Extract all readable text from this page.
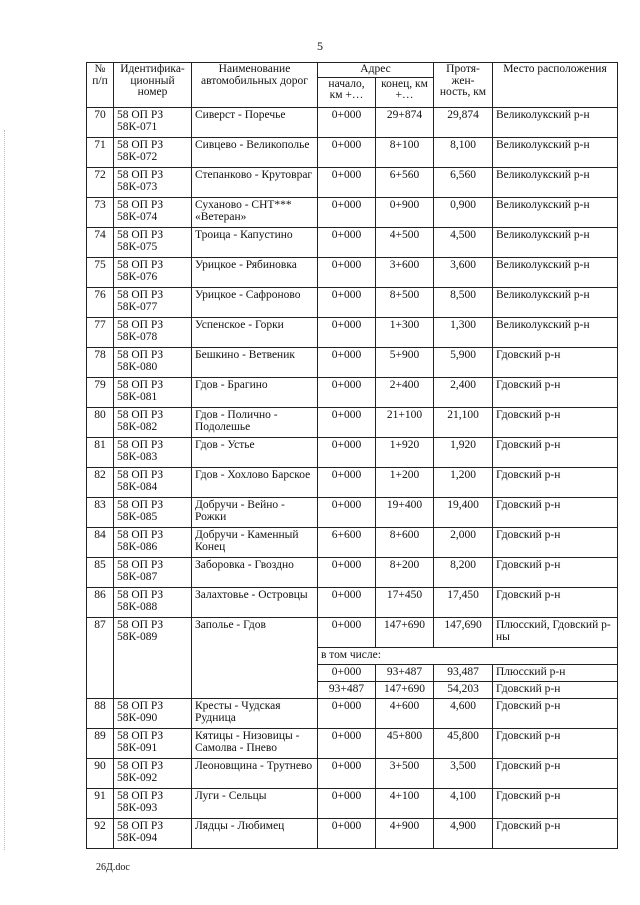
5
№ п/п	Идентифика-ционный номер	Наименование автомобильных дорог	Адрес		Протя-жен-ность, км	Место расположения
			начало, км +…	конец, км +…		
70	58 ОП РЗ 58К-071	Сиверст - Поречье	0+000	29+874	29,874	Великолукский р-н
71	58 ОП РЗ 58К-072	Сивцево - Великополье	0+000	8+100	8,100	Великолукский р-н
72	58 ОП РЗ 58К-073	Степанково - Крутовраг	0+000	6+560	6,560	Великолукский р-н
73	58 ОП РЗ 58К-074	Суханово - СНТ*** «Ветеран»	0+000	0+900	0,900	Великолукский р-н
74	58 ОП РЗ 58К-075	Троица - Капустино	0+000	4+500	4,500	Великолукский р-н
75	58 ОП РЗ 58К-076	Урицкое - Рябиновка	0+000	3+600	3,600	Великолукский р-н
76	58 ОП РЗ 58К-077	Урицкое - Сафроново	0+000	8+500	8,500	Великолукский р-н
77	58 ОП РЗ 58К-078	Успенское - Горки	0+000	1+300	1,300	Великолукский р-н
78	58 ОП РЗ 58К-080	Бешкино - Ветвеник	0+000	5+900	5,900	Гдовский р-н
79	58 ОП РЗ 58К-081	Гдов - Брагино	0+000	2+400	2,400	Гдовский р-н
80	58 ОП РЗ 58К-082	Гдов - Полично - Подолешье	0+000	21+100	21,100	Гдовский р-н
81	58 ОП РЗ 58К-083	Гдов - Устье	0+000	1+920	1,920	Гдовский р-н
82	58 ОП РЗ 58К-084	Гдов - Хохлово Барское	0+000	1+200	1,200	Гдовский р-н
83	58 ОП РЗ 58К-085	Добручи - Вейно - Рожки	0+000	19+400	19,400	Гдовский р-н
84	58 ОП РЗ 58К-086	Добручи - Каменный Конец	6+600	8+600	2,000	Гдовский р-н
85	58 ОП РЗ 58К-087	Заборовка - Гвоздно	0+000	8+200	8,200	Гдовский р-н
86	58 ОП РЗ 58К-088	Залахтовье - Островцы	0+000	17+450	17,450	Гдовский р-н
87	58 ОП РЗ 58К-089	Заполье - Гдов	0+000	147+690	147,690	Плюсский, Гдовский р-ны
			в том числе:			
			0+000	93+487	93,487	Плюсский р-н
			93+487	147+690	54,203	Гдовский р-н
88	58 ОП РЗ 58К-090	Кресты - Чудская Рудница	0+000	4+600	4,600	Гдовский р-н
89	58 ОП РЗ 58К-091	Кятицы - Низовицы - Самолва - Пнево	0+000	45+800	45,800	Гдовский р-н
90	58 ОП РЗ 58К-092	Леоновщина - Трутнево	0+000	3+500	3,500	Гдовский р-н
91	58 ОП РЗ 58К-093	Луги - Сельцы	0+000	4+100	4,100	Гдовский р-н
92	58 ОП РЗ 58К-094	Лядцы - Любимец	0+000	4+900	4,900	Гдовский р-н
26Д.doc
